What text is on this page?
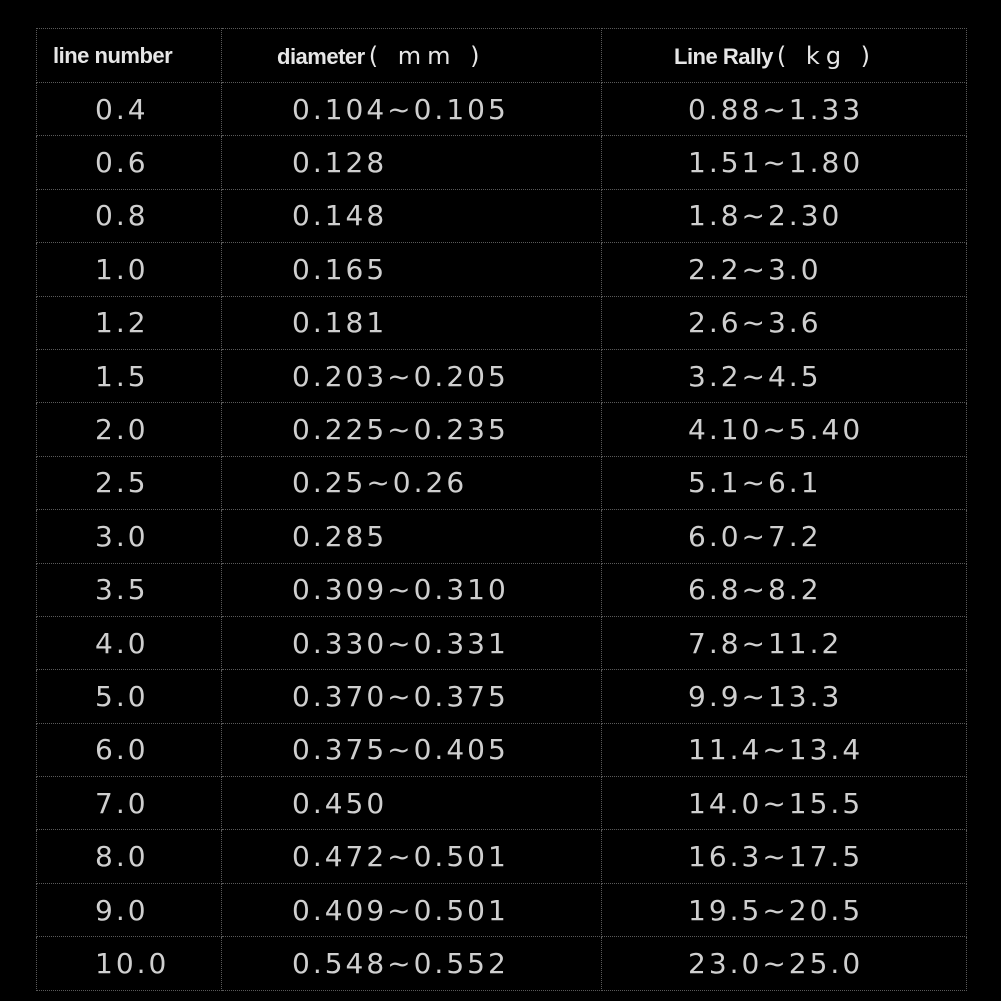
line number	diameter ( mm )	Line Rally ( kg )
0.4	0.104~0.105	0.88~1.33
0.6	0.128	1.51~1.80
0.8	0.148	1.8~2.30
1.0	0.165	2.2~3.0
1.2	0.181	2.6~3.6
1.5	0.203~0.205	3.2~4.5
2.0	0.225~0.235	4.10~5.40
2.5	0.25~0.26	5.1~6.1
3.0	0.285	6.0~7.2
3.5	0.309~0.310	6.8~8.2
4.0	0.330~0.331	7.8~11.2
5.0	0.370~0.375	9.9~13.3
6.0	0.375~0.405	11.4~13.4
7.0	0.450	14.0~15.5
8.0	0.472~0.501	16.3~17.5
9.0	0.409~0.501	19.5~20.5
10.0	0.548~0.552	23.0~25.0
